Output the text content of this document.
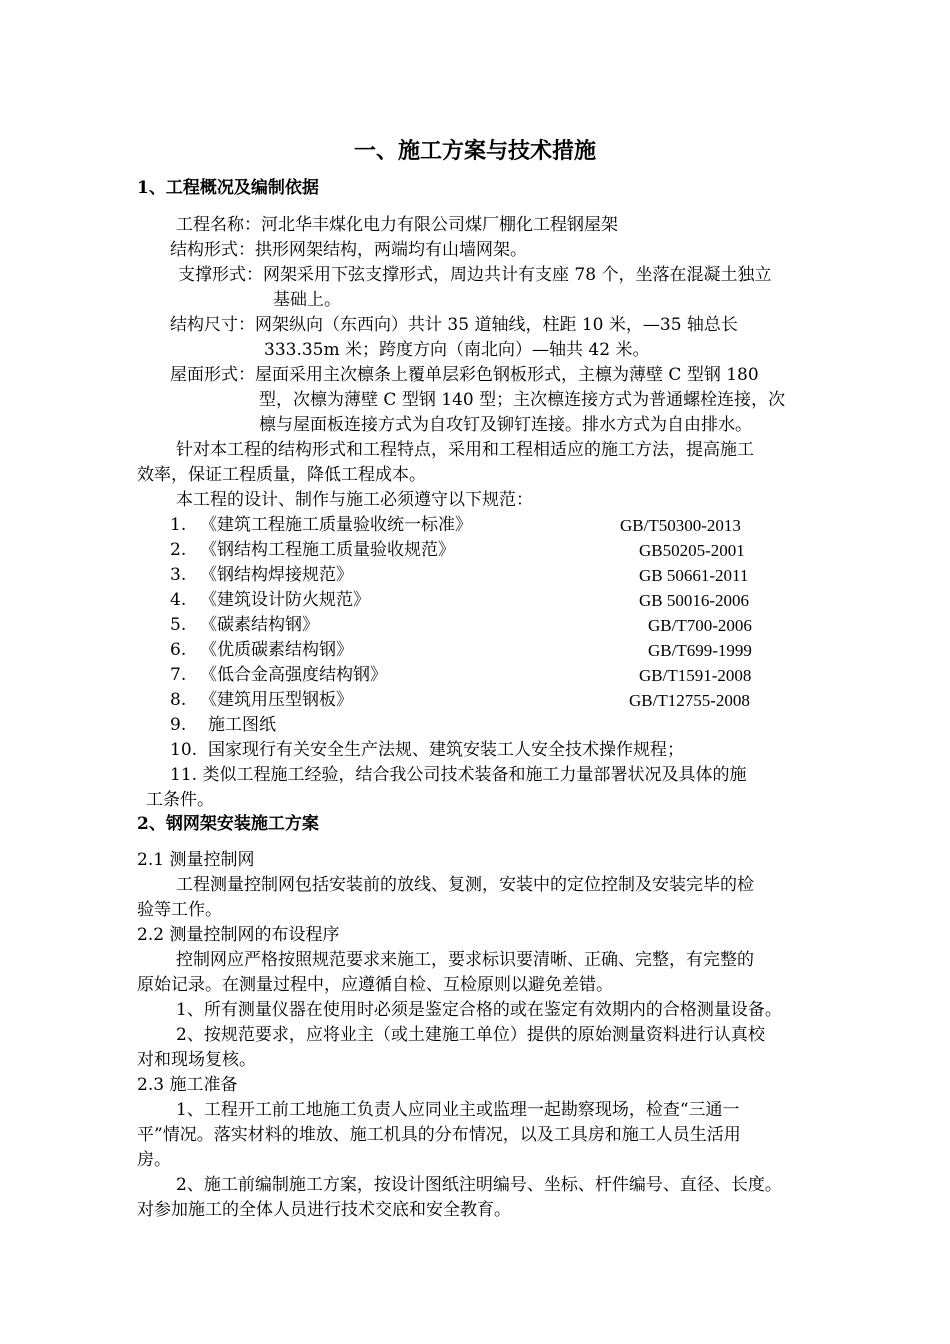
一、施工方案与技术措施
1、工程概况及编制依据
工程名称：河北华丰煤化电力有限公司煤厂棚化工程钢屋架
结构形式：拱形网架结构，两端均有山墙网架。
支撑形式：网架采用下弦支撑形式，周边共计有支座 78 个，坐落在混凝土独立
基础上。
结构尺寸：网架纵向（东西向）共计 35 道轴线，柱距 10 米，—35 轴总长
333.35m 米；跨度方向（南北向）—轴共 42 米。
屋面形式：屋面采用主次檩条上覆单层彩色钢板形式，主檩为薄壁 C 型钢 180
型，次檩为薄壁 C 型钢 140 型；主次檩连接方式为普通螺栓连接，次
檩与屋面板连接方式为自攻钉及铆钉连接。排水方式为自由排水。
针对本工程的结构形式和工程特点，采用和工程相适应的施工方法，提高施工
效率，保证工程质量，降低工程成本。
本工程的设计、制作与施工必须遵守以下规范：
1. 《建筑工程施工质量验收统一标准》	GB/T50300-2013
2. 《钢结构工程施工质量验收规范》	GB50205-2001
3. 《钢结构焊接规范》	GB 50661-2011
4. 《建筑设计防火规范》	GB 50016-2006
5. 《碳素结构钢》	GB/T700-2006
6. 《优质碳素结构钢》	GB/T699-1999
7. 《低合金高强度结构钢》	GB/T1591-2008
8. 《建筑用压型钢板》	GB/T12755-2008
9. 施工图纸
10. 国家现行有关安全生产法规、建筑安装工人安全技术操作规程；
11. 类似工程施工经验，结合我公司技术装备和施工力量部署状况及具体的施
工条件。
2、钢网架安装施工方案
2.1 测量控制网
工程测量控制网包括安装前的放线、复测，安装中的定位控制及安装完毕的检
验等工作。
2.2 测量控制网的布设程序
控制网应严格按照规范要求来施工，要求标识要清晰、正确、完整，有完整的
原始记录。在测量过程中，应遵循自检、互检原则以避免差错。
1、所有测量仪器在使用时必须是鉴定合格的或在鉴定有效期内的合格测量设备。
2、按规范要求，应将业主（或土建施工单位）提供的原始测量资料进行认真校
对和现场复核。
2.3 施工准备
1、工程开工前工地施工负责人应同业主或监理一起勘察现场，检查“三通一
平”情况。落实材料的堆放、施工机具的分布情况，以及工具房和施工人员生活用
房。
2、施工前编制施工方案，按设计图纸注明编号、坐标、杆件编号、直径、长度。
对参加施工的全体人员进行技术交底和安全教育。
